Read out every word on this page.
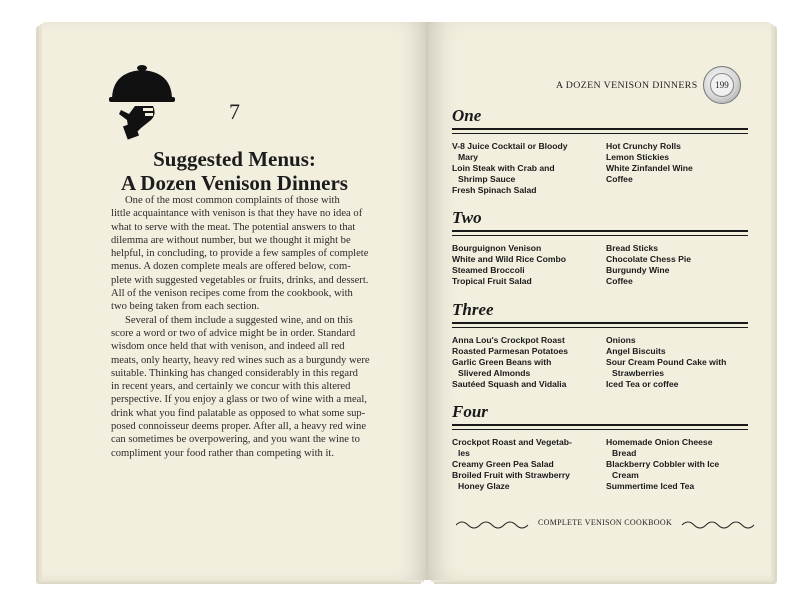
7
Suggested Menus:
A Dozen Venison Dinners
One of the most common complaints of those with
little acquaintance with venison is that they have no idea of
what to serve with the meat. The potential answers to that
dilemma are without number, but we thought it might be
helpful, in concluding, to provide a few samples of complete
menus. A dozen complete meals are offered below, com-
plete with suggested vegetables or fruits, drinks, and dessert.
All of the venison recipes come from the cookbook, with
two being taken from each section.
Several of them include a suggested wine, and on this
score a word or two of advice might be in order. Standard
wisdom once held that with venison, and indeed all red
meats, only hearty, heavy red wines such as a burgundy were
suitable. Thinking has changed considerably in this regard
in recent years, and certainly we concur with this altered
perspective. If you enjoy a glass or two of wine with a meal,
drink what you find palatable as opposed to what some sup-
posed connoisseur deems proper. After all, a heavy red wine
can sometimes be overpowering, and you want the wine to
compliment your food rather than competing with it.
A DOZEN VENISON DINNERS	199
One
V-8 Juice Cocktail or Bloody
Mary
Loin Steak with Crab and
Shrimp Sauce
Fresh Spinach Salad
Hot Crunchy Rolls
Lemon Stickies
White Zinfandel Wine
Coffee
Two
Bourguignon Venison
White and Wild Rice Combo
Steamed Broccoli
Tropical Fruit Salad
Bread Sticks
Chocolate Chess Pie
Burgundy Wine
Coffee
Three
Anna Lou's Crockpot Roast
Roasted Parmesan Potatoes
Garlic Green Beans with
Slivered Almonds
Sautéed Squash and Vidalia
Onions
Angel Biscuits
Sour Cream Pound Cake with
Strawberries
Iced Tea or coffee
Four
Crockpot Roast and Vegetab-
les
Creamy Green Pea Salad
Broiled Fruit with Strawberry
Honey Glaze
Homemade Onion Cheese
Bread
Blackberry Cobbler with Ice
Cream
Summertime Iced Tea
COMPLETE VENISON COOKBOOK
